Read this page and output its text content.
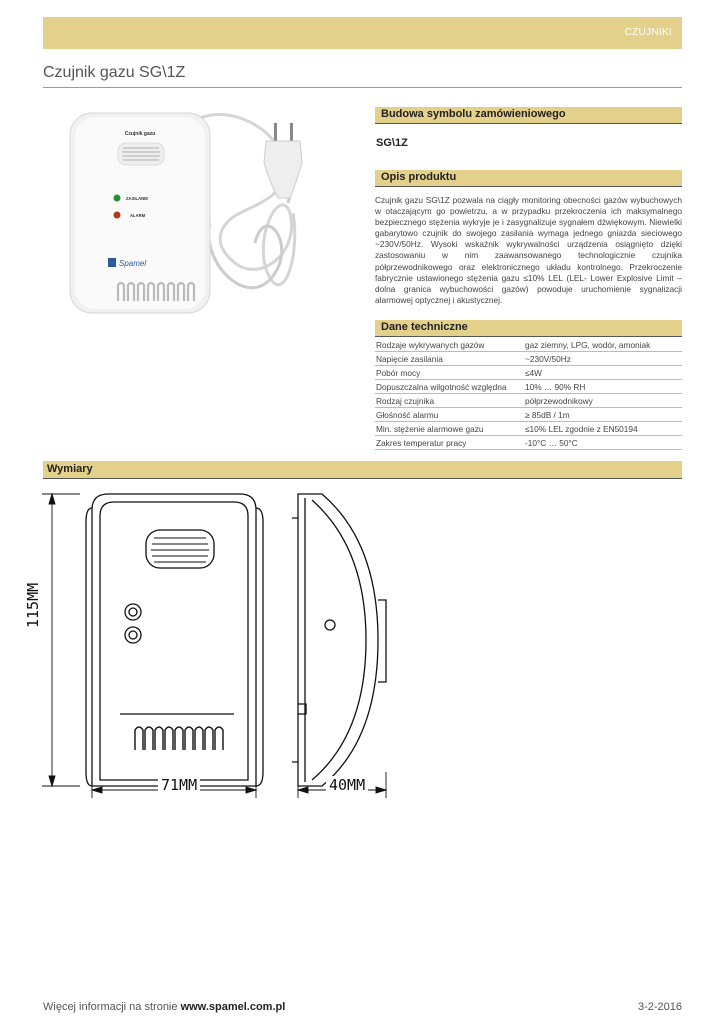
CZUJNIKI
Czujnik gazu SG\1Z
Czujnik gazu
ZASILANIE
ALARM
Spamel
Budowa symbolu zamówieniowego
SG\1Z
Opis produktu

Czujnik gazu SG\1Z pozwala na ciągły monitoring obecności gazów wybuchowych w otaczającym go powietrzu, a w przypadku przekroczenia ich maksymalnego bezpiecznego stężenia wykryje je i zasygnalizuje sygnałem dźwiękowym. Niewielki gabarytowo czujnik do swojego zasilania wymaga jednego gniazda sieciowego ~230V/50Hz. Wysoki wskaźnik wykrywalności urządzenia osiągnięto dzięki zastosowaniu w nim zaawansowanego technologicznie czujnika półprzewodnikowego oraz elektronicznego układu kontrolnego. Przekroczenie fabrycznie ustawionego stężenia gazu ≤10% LEL (LEL- Lower Explosive Limit – dolna granica wybuchowości gazów) powoduje uruchomienie sygnalizacji alarmowej optycznej i akustycznej.

Dane techniczne
Rodzaje wykrywanych gazów	gaz ziemny, LPG, wodór, amoniak
Napięcie zasilania	~230V/50Hz
Pobór mocy	≤4W
Dopuszczalna wilgotność względna	10% … 90% RH
Rodzaj czujnika	półprzewodnikowy
Głośność alarmu	≥ 85dB / 1m
Min. stężenie alarmowe gazu	≤10% LEL zgodnie z EN50194
Zakres temperatur pracy	-10°C … 50°C
Wymiary
115MM
71MM	40MM
Więcej informacji na stronie www.spamel.com.pl	3-2-2016
